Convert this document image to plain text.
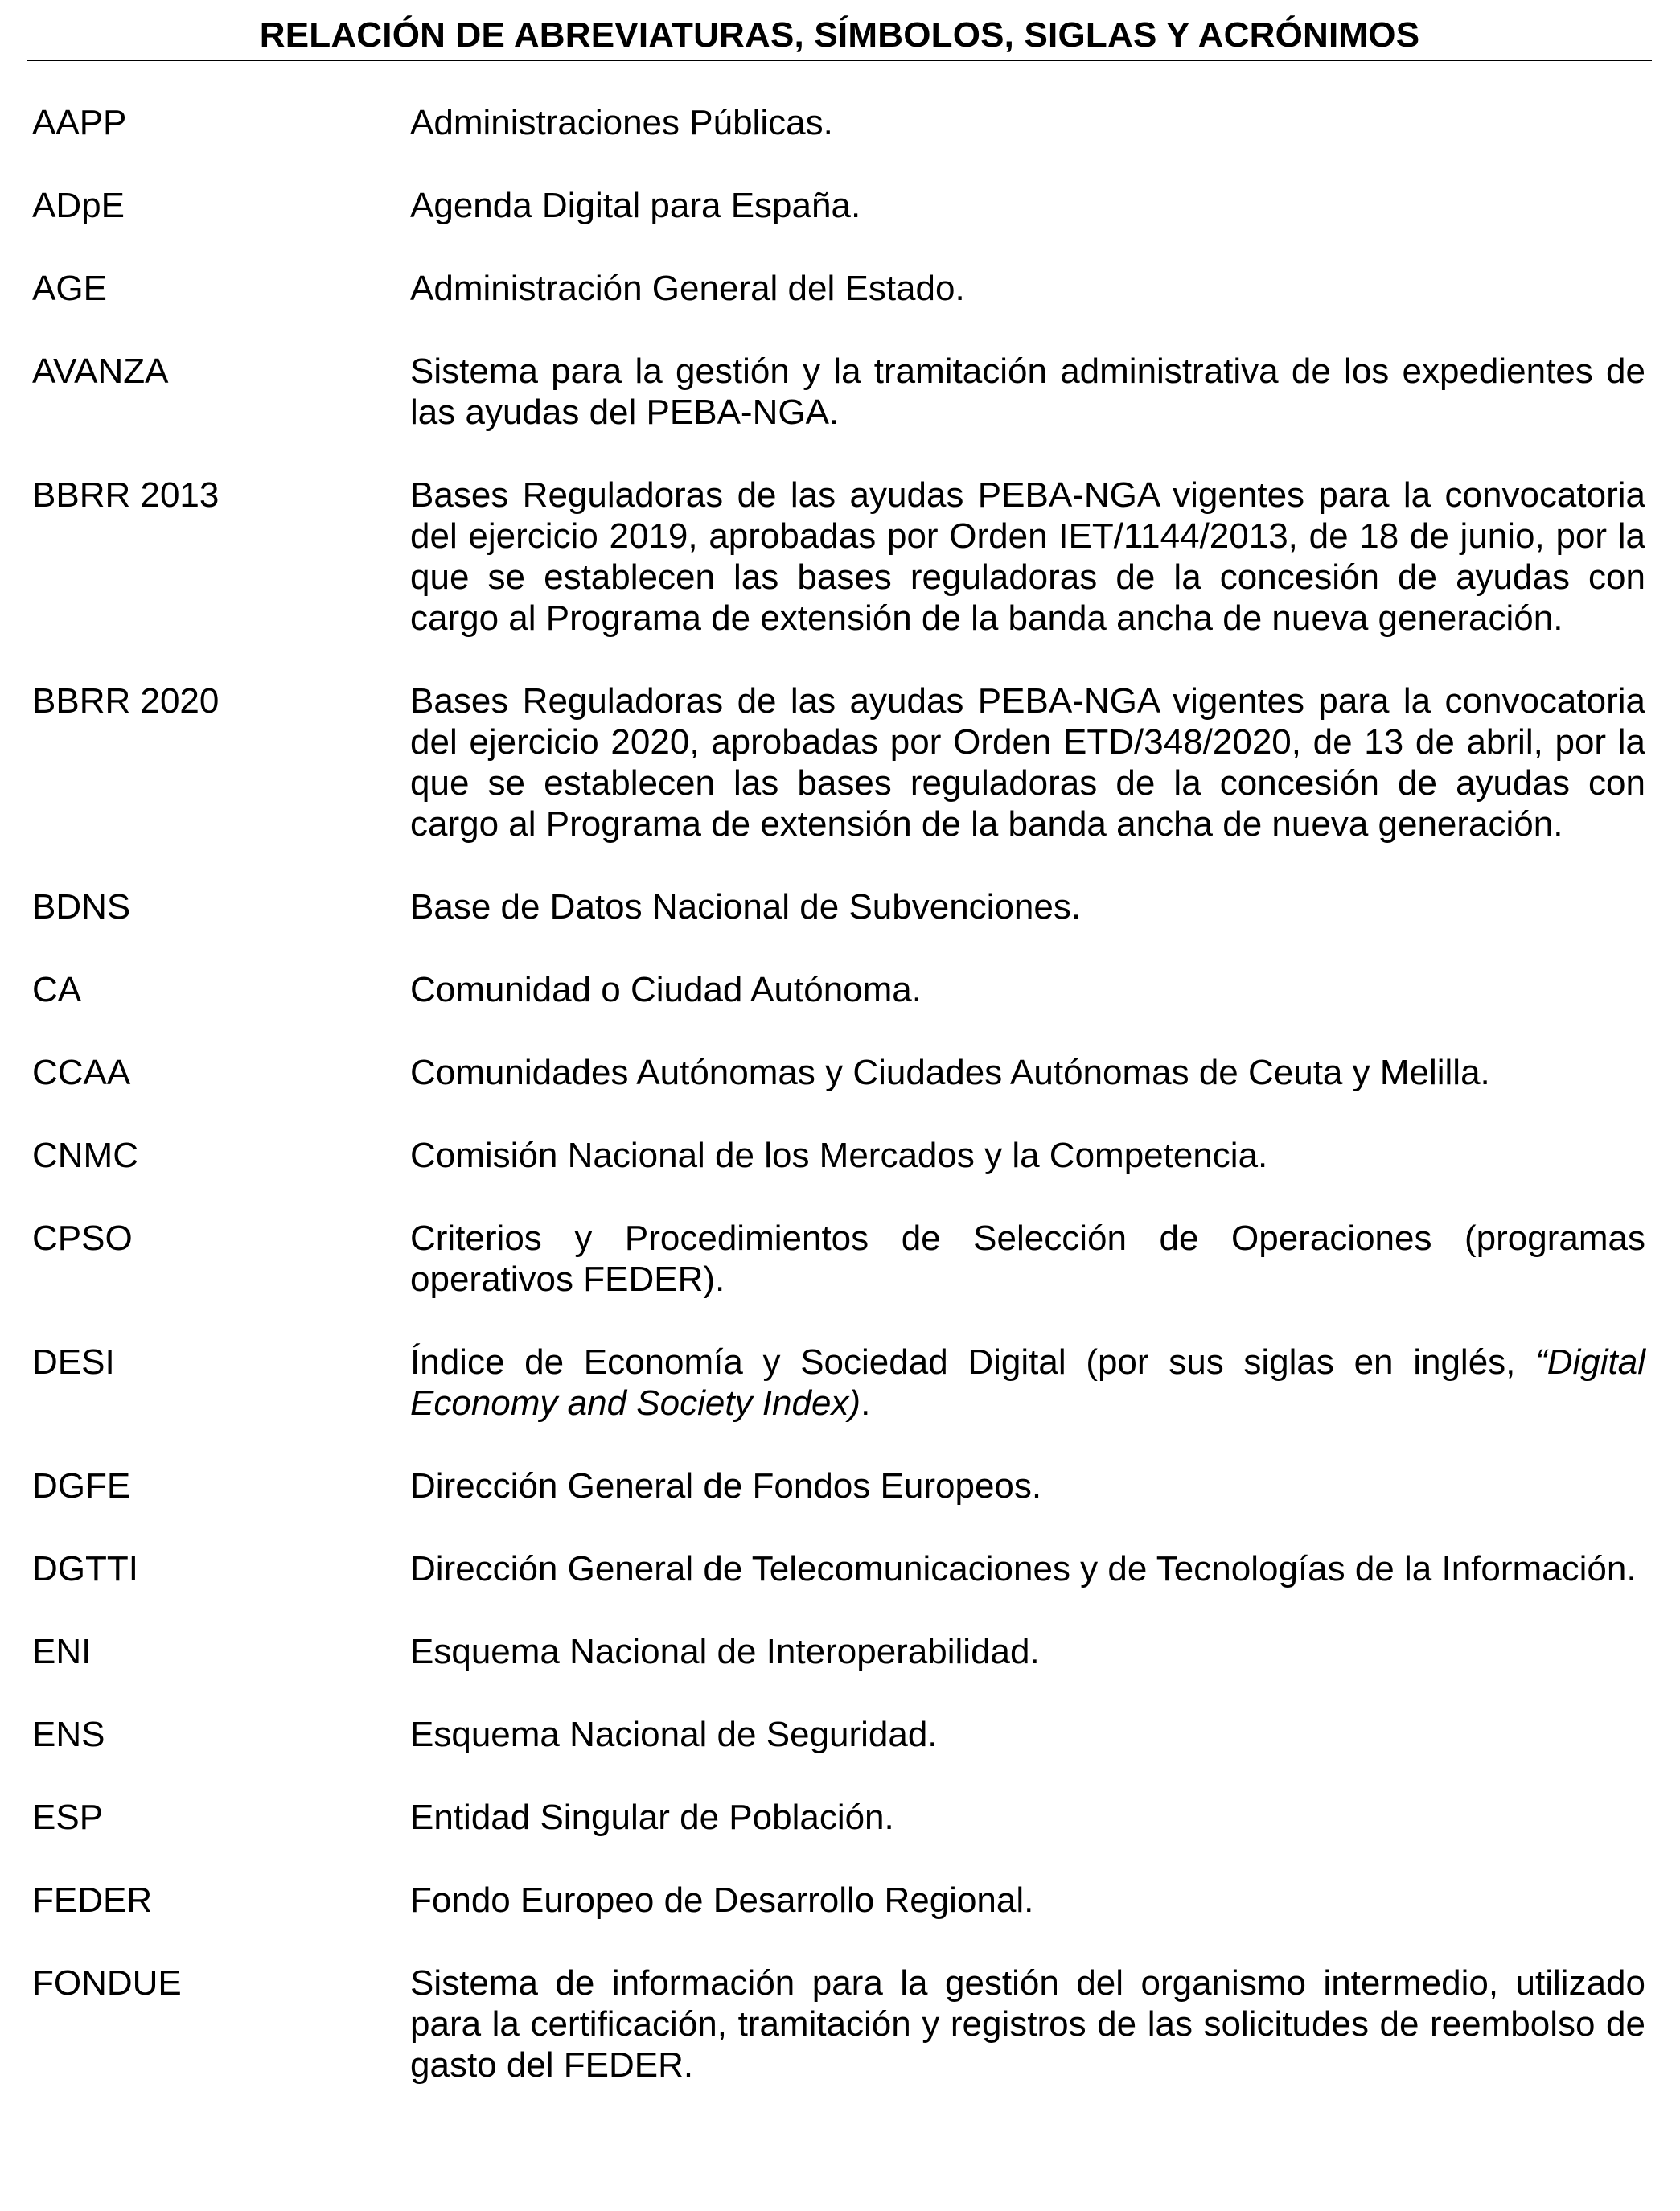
RELACIÓN DE ABREVIATURAS, SÍMBOLOS, SIGLAS Y ACRÓNIMOS
AAPP	Administraciones Públicas.
ADpE	Agenda Digital para España.
AGE	Administración General del Estado.
AVANZA	Sistema para la gestión y la tramitación administrativa de los expedientes de las ayudas del PEBA-NGA.
BBRR 2013	Bases Reguladoras de las ayudas PEBA-NGA vigentes para la convocatoria del ejercicio 2019, aprobadas por Orden IET/1144/2013, de 18 de junio, por la que se establecen las bases reguladoras de la concesión de ayudas con cargo al Programa de extensión de la banda ancha de nueva generación.
BBRR 2020	Bases Reguladoras de las ayudas PEBA-NGA vigentes para la convocatoria del ejercicio 2020, aprobadas por Orden ETD/348/2020, de 13 de abril, por la que se establecen las bases reguladoras de la concesión de ayudas con cargo al Programa de extensión de la banda ancha de nueva generación.
BDNS	Base de Datos Nacional de Subvenciones.
CA	Comunidad o Ciudad Autónoma.
CCAA	Comunidades Autónomas y Ciudades Autónomas de Ceuta y Melilla.
CNMC	Comisión Nacional de los Mercados y la Competencia.
CPSO	Criterios y Procedimientos de Selección de Operaciones (programas operativos FEDER).
DESI	Índice de Economía y Sociedad Digital (por sus siglas en inglés, “Digital Economy and Society Index).
DGFE	Dirección General de Fondos Europeos.
DGTTI	Dirección General de Telecomunicaciones y de Tecnologías de la Información.
ENI	Esquema Nacional de Interoperabilidad.
ENS	Esquema Nacional de Seguridad.
ESP	Entidad Singular de Población.
FEDER	Fondo Europeo de Desarrollo Regional.
FONDUE	Sistema de información para la gestión del organismo intermedio, utilizado para la certificación, tramitación y registros de las solicitudes de reembolso de gasto del FEDER.
